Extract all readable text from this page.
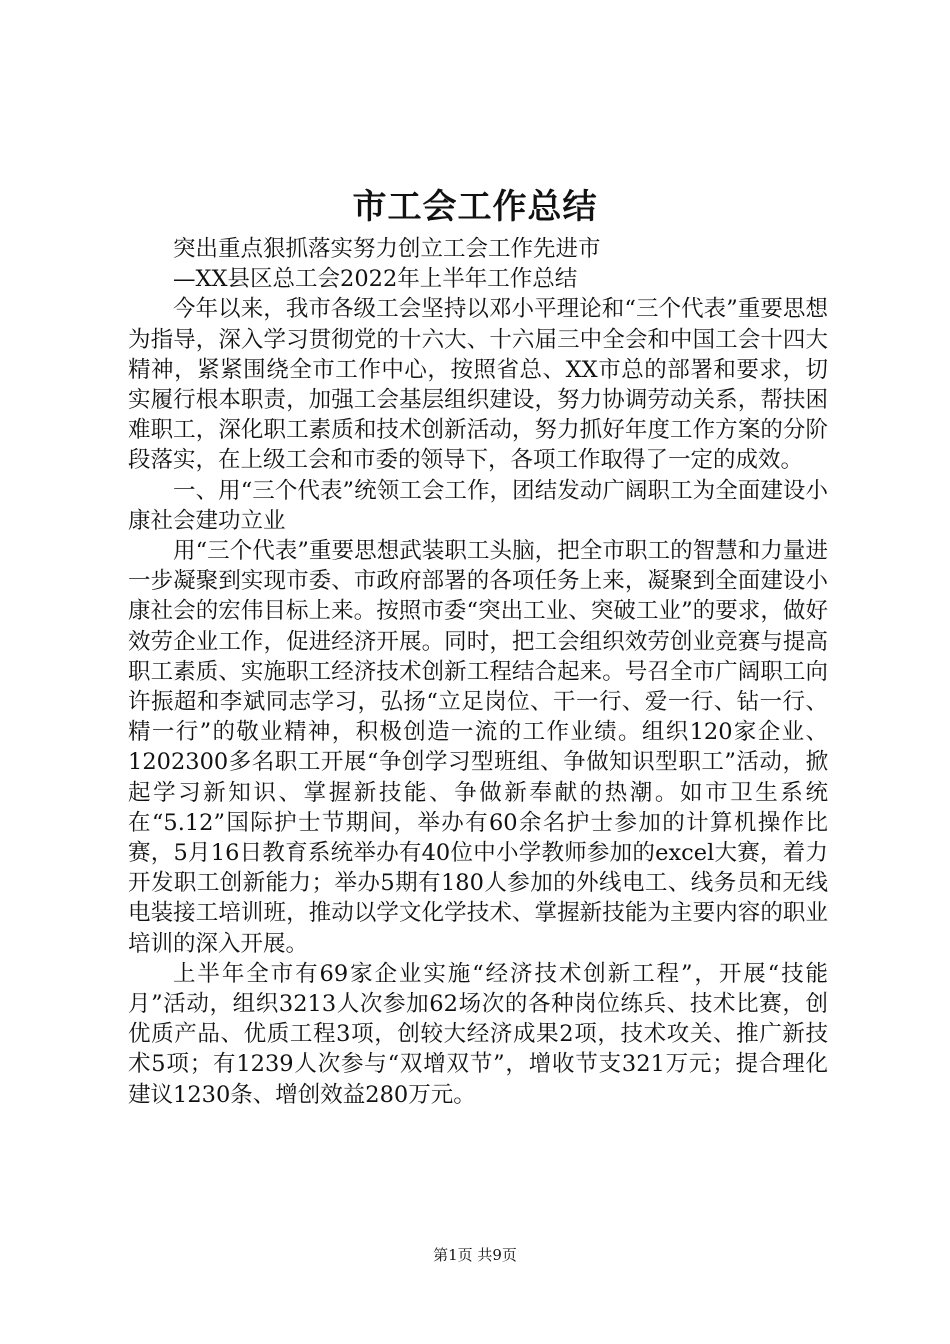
市工会工作总结

突出重点狠抓落实努力创立工会工作先进市

—XX县区总工会2022年上半年工作总结

今年以来，我市各级工会坚持以邓小平理论和“三个代表”重要思想为指导，深入学习贯彻党的十六大、十六届三中全会和中国工会十四大精神，紧紧围绕全市工作中心，按照省总、XX市总的部署和要求，切实履行根本职责，加强工会基层组织建设，努力协调劳动关系，帮扶困难职工，深化职工素质和技术创新活动，努力抓好年度工作方案的分阶段落实，在上级工会和市委的领导下，各项工作取得了一定的成效。

一、用“三个代表”统领工会工作，团结发动广阔职工为全面建设小康社会建功立业

用“三个代表”重要思想武装职工头脑，把全市职工的智慧和力量进一步凝聚到实现市委、市政府部署的各项任务上来，凝聚到全面建设小康社会的宏伟目标上来。按照市委“突出工业、突破工业”的要求，做好效劳企业工作，促进经济开展。同时，把工会组织效劳创业竞赛与提高职工素质、实施职工经济技术创新工程结合起来。号召全市广阔职工向许振超和李斌同志学习，弘扬“立足岗位、干一行、爱一行、钻一行、精一行”的敬业精神，积极创造一流的工作业绩。组织120家企业、1202300多名职工开展“争创学习型班组、争做知识型职工”活动，掀起学习新知识、掌握新技能、争做新奉献的热潮。如市卫生系统在“5.12”国际护士节期间，举办有60余名护士参加的计算机操作比赛，5月16日教育系统举办有40位中小学教师参加的excel大赛，着力开发职工创新能力；举办5期有180人参加的外线电工、线务员和无线电装接工培训班，推动以学文化学技术、掌握新技能为主要内容的职业培训的深入开展。

上半年全市有69家企业实施“经济技术创新工程”，开展“技能月”活动，组织3213人次参加62场次的各种岗位练兵、技术比赛，创优质产品、优质工程3项，创较大经济成果2项，技术攻关、推广新技术5项；有1239人次参与“双增双节”，增收节支321万元；提合理化建议1230条、增创效益280万元。

第1页 共9页
